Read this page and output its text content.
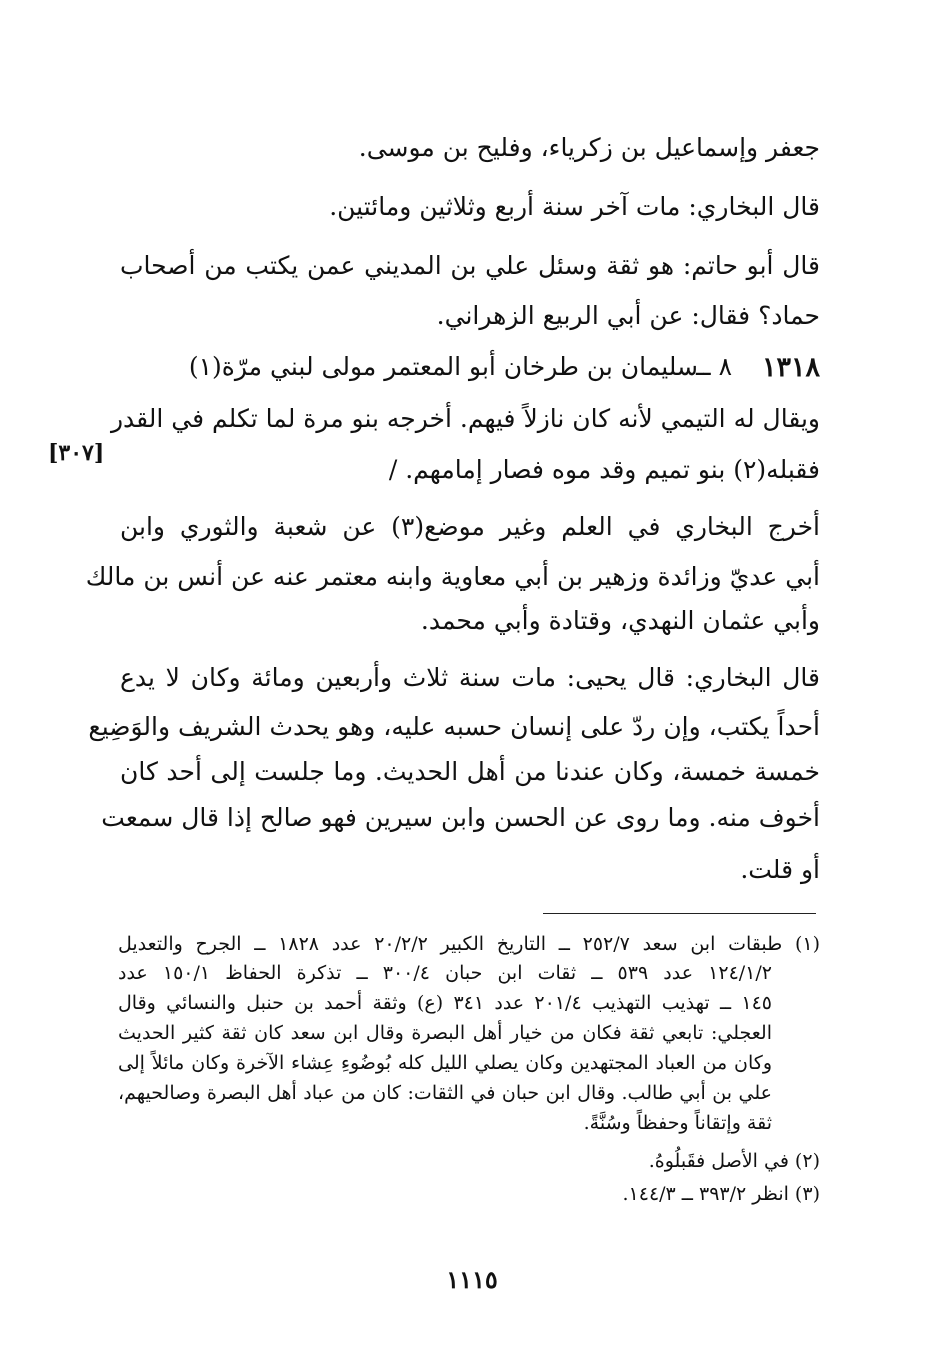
جعفر وإسماعيل بن زكرياء، وفليح بن موسى.
قال البخاري: مات آخر سنة أربع وثلاثين ومائتين.
قال أبو حاتم: هو ثقة وسئل علي بن المديني عمن يكتب من أصحاب
حماد؟ فقال: عن أبي الربيع الزهراني.
١٣١٨
٨ ــ
سليمان بن طرخان أبو المعتمر مولى لبني مرّة(١)
ويقال له التيمي لأنه كان نازلاً فيهم. أخرجه بنو مرة لما تكلم في القدر
فقبله(٢) بنو تميم وقد موه فصار إمامهم. /
[٣٠٧]
أخرج البخاري في العلم وغير موضع(٣) عن شعبة والثوري وابن
أبي عديّ وزائدة وزهير بن أبي معاوية وابنه معتمر عنه عن أنس بن مالك
وأبي عثمان النهدي، وقتادة وأبي محمد.
قال البخاري: قال يحيى: مات سنة ثلاث وأربعين ومائة وكان لا يدع
أحداً يكتب، وإن ردّ على إنسان حسبه عليه، وهو يحدث الشريف والوَضِيع
خمسة خمسة، وكان عندنا من أهل الحديث. وما جلست إلى أحد كان
أخوف منه. وما روى عن الحسن وابن سيرين فهو صالح إذا قال سمعت
أو قلت.
(١) طبقات ابن سعد ٢٥٢/٧ ــ التاريخ الكبير ٢٠/٢/٢ عدد ١٨٢٨ ــ الجرح والتعديل
١٢٤/١/٢ عدد ٥٣٩ ــ ثقات ابن حبان ٣٠٠/٤ ــ تذكرة الحفاظ ١٥٠/١ عدد
١٤٥ ــ تهذيب التهذيب ٢٠١/٤ عدد ٣٤١ (ع) وثقة أحمد بن حنبل والنسائي وقال
العجلي: تابعي ثقة فكان من خيار أهل البصرة وقال ابن سعد كان ثقة كثير الحديث
وكان من العباد المجتهدين وكان يصلي الليل كله بُوضُوءِ عِشاء الآخرة وكان مائلاً إلى
علي بن أبي طالب. وقال ابن حبان في الثقات: كان من عباد أهل البصرة وصالحيهم،
ثقة وإتقاناً وحفظاً وسُنَّةً.
(٢) في الأصل فقَبلُوهُ.
(٣) انظر ٣٩٣/٢ ــ ١٤٤/٣.
١١١٥
